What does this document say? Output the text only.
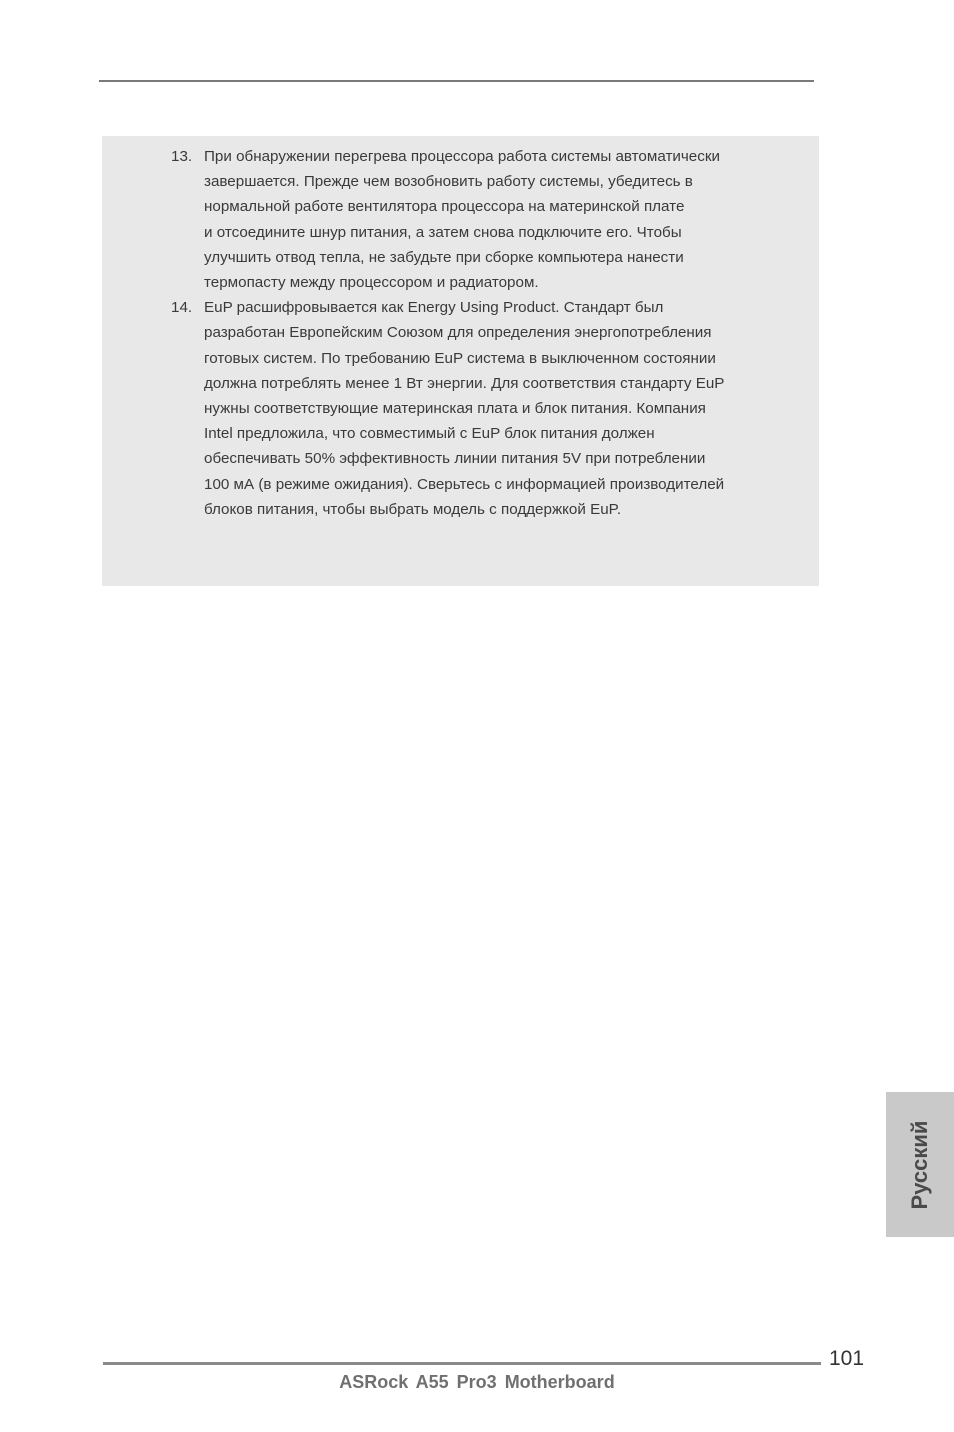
13. При обнаружении перегрева процессора работа системы автоматически
завершается. Прежде чем возобновить работу системы, убедитесь в
нормальной работе вентилятора процессора на материнской плате
и отсоедините шнур питания, а затем снова подключите его. Чтобы
улучшить отвод тепла, не забудьте при сборке компьютера нанести
термопасту между процессором и радиатором.
14. EuP расшифровывается как Energy Using Product. Стандарт был
разработан Европейским Союзом для определения энергопотребления
готовых систем. По требованию EuP система в выключенном состоянии
должна потреблять менее 1 Вт энергии. Для соответствия стандарту EuP
нужны соответствующие материнская плата и блок питания. Компания
Intel предложила, что совместимый с EuP блок питания должен
обеспечивать 50% эффективность линии питания 5V при потреблении
100 мА (в режиме ожидания). Сверьтесь с информацией производителей
блоков питания, чтобы выбрать модель с поддержкой EuP.
Русский
101
ASRock A55 Pro3 Motherboard
